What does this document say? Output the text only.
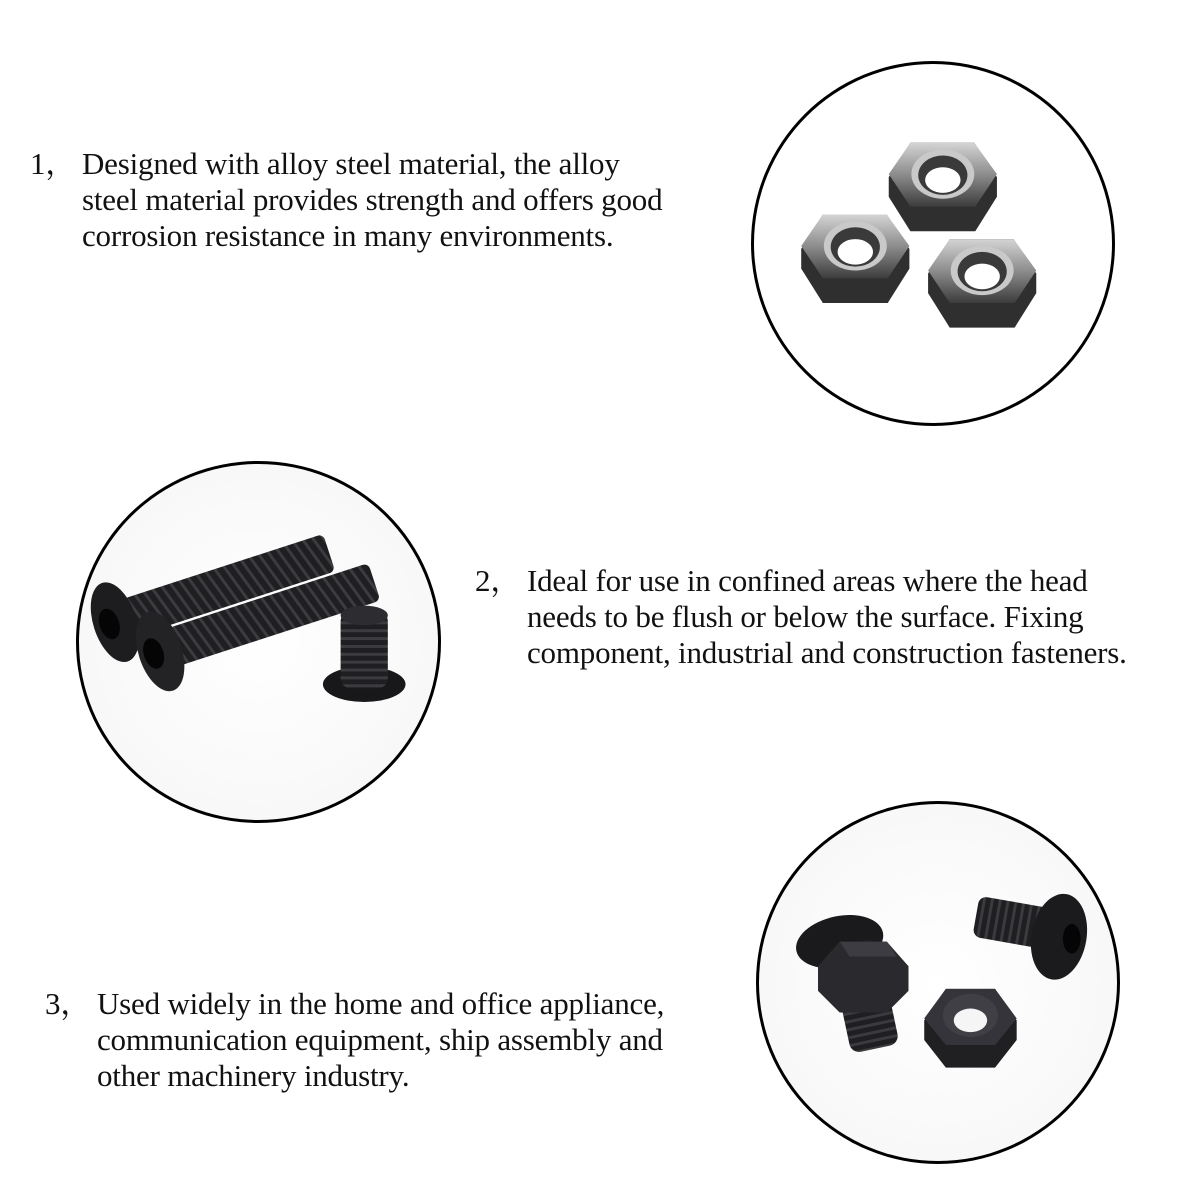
1， Designed with alloy steel material, the alloy
steel material provides strength and offers good
corrosion resistance in many environments.
2， Ideal for use in confined areas where the head
needs to be flush or below the surface. Fixing
component, industrial and construction fasteners.
3， Used widely in the home and office appliance,
communication equipment, ship assembly and
other machinery industry.
